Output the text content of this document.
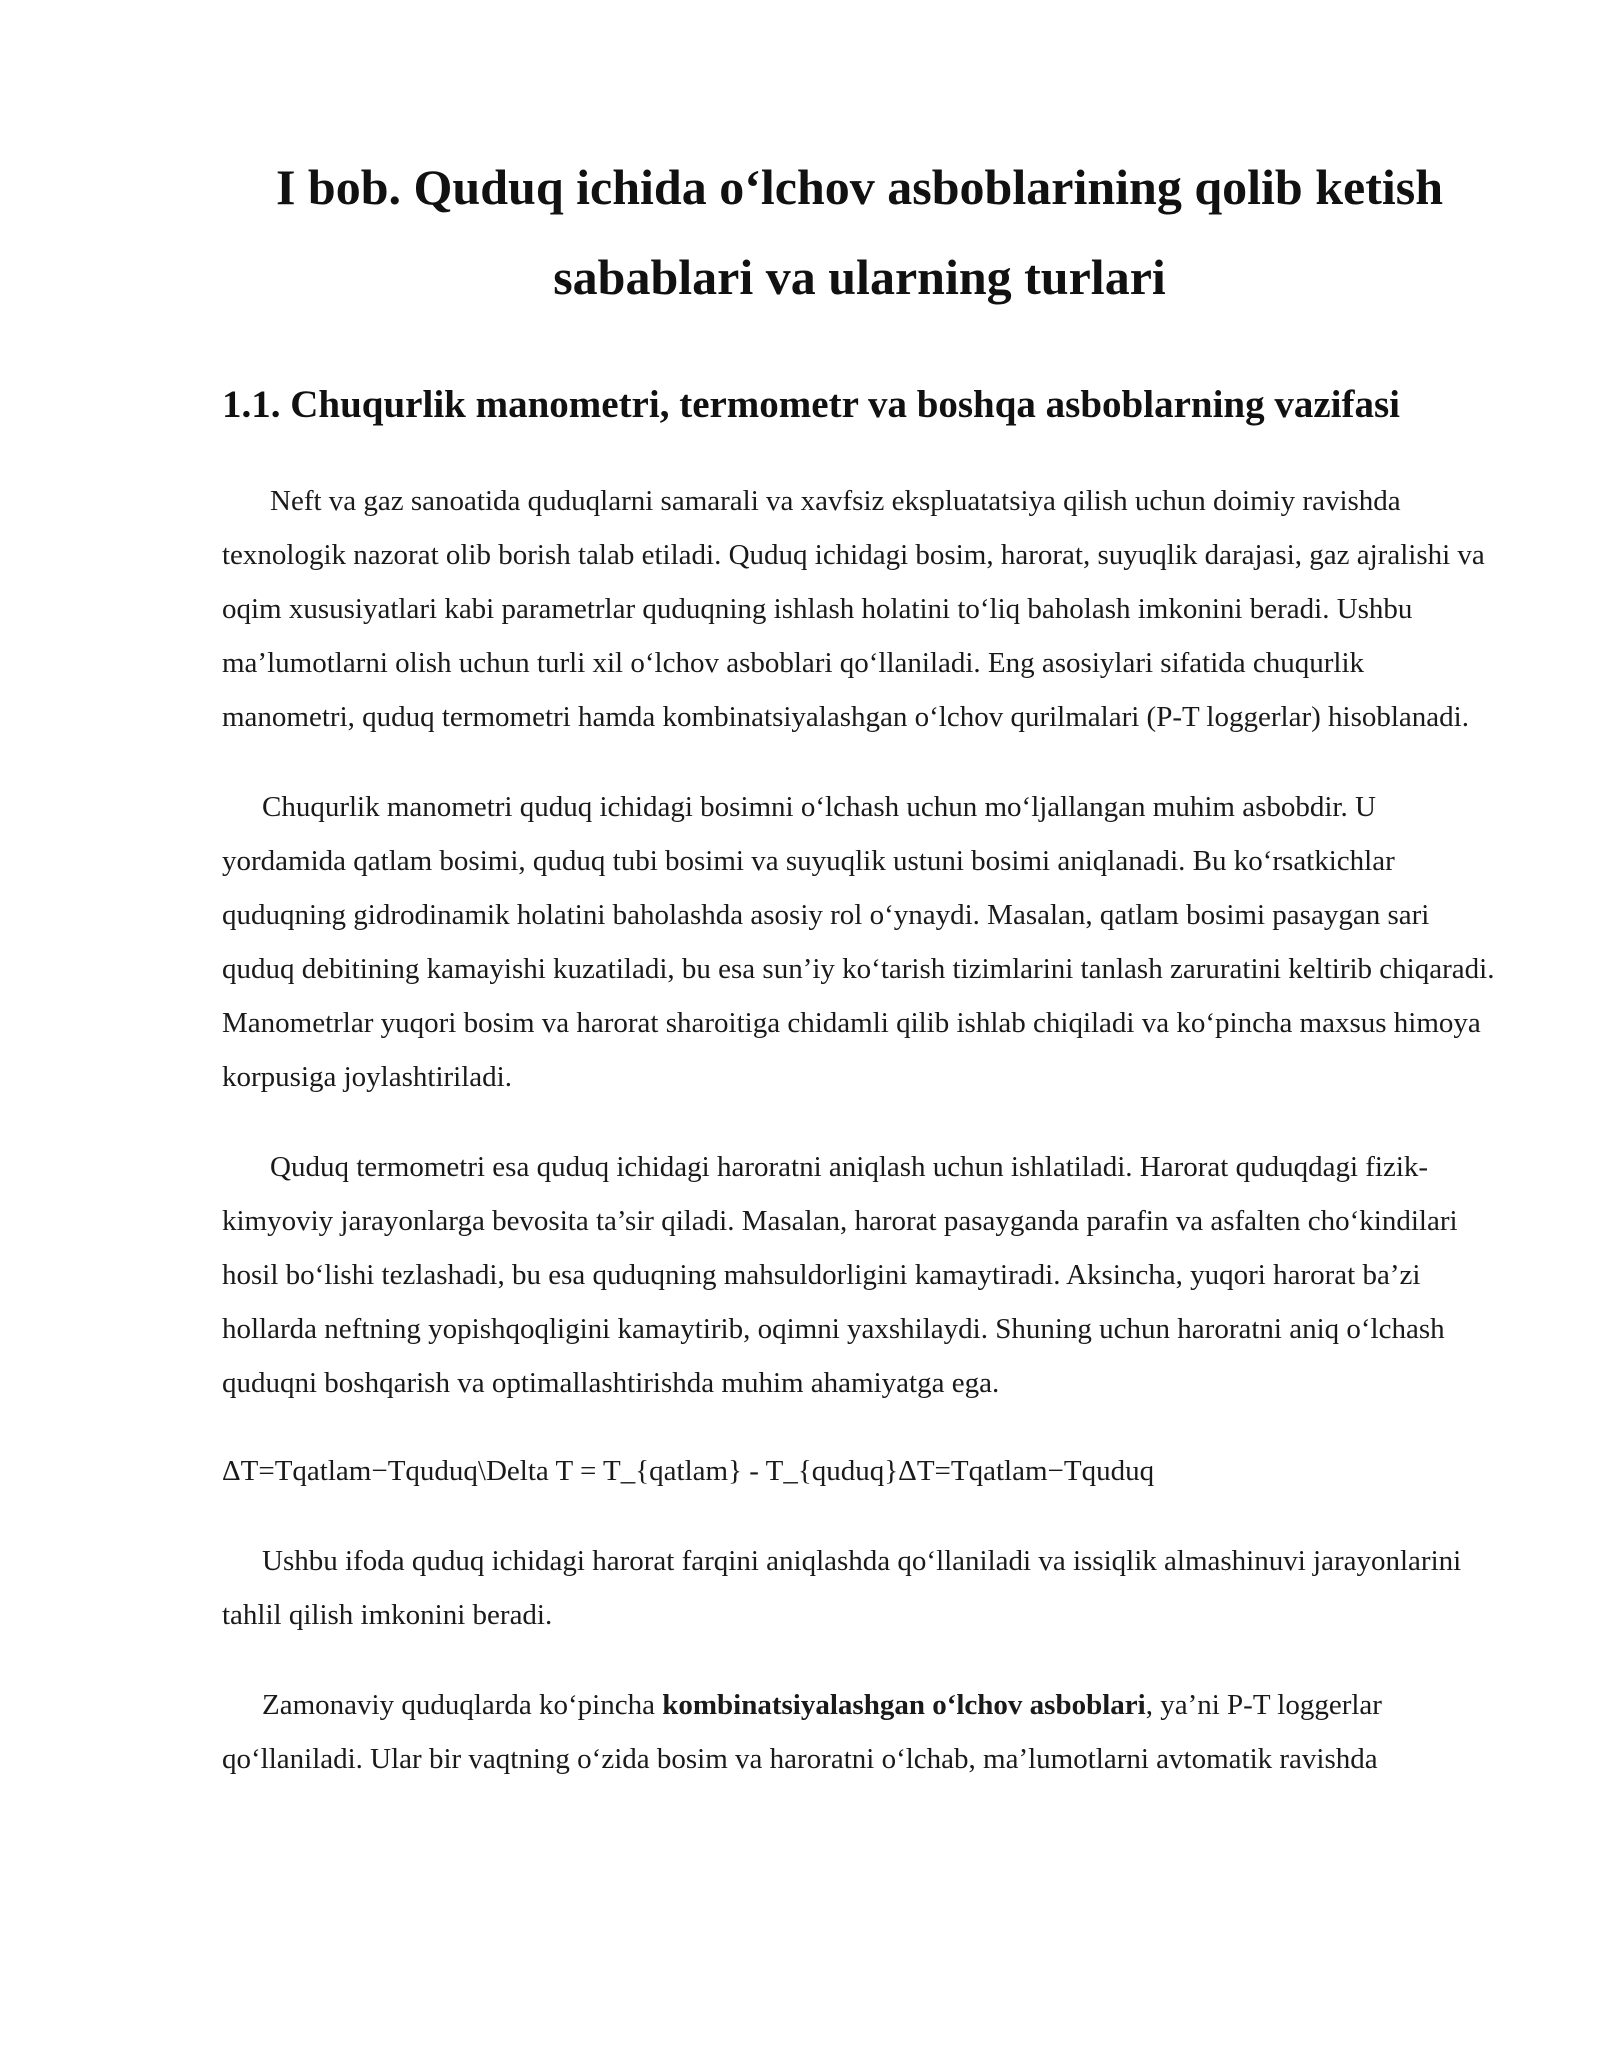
I bob. Quduq ichida o‘lchov asboblarining qolib ketish sabablari va ularning turlari
1.1. Chuqurlik manometri, termometr va boshqa asboblarning vazifasi

Neft va gaz sanoatida quduqlarni samarali va xavfsiz ekspluatatsiya qilish uchun doimiy ravishda texnologik nazorat olib borish talab etiladi. Quduq ichidagi bosim, harorat, suyuqlik darajasi, gaz ajralishi va oqim xususiyatlari kabi parametrlar quduqning ishlash holatini to‘liq baholash imkonini beradi. Ushbu ma’lumotlarni olish uchun turli xil o‘lchov asboblari qo‘llaniladi. Eng asosiylari sifatida chuqurlik manometri, quduq termometri hamda kombinatsiyalashgan o‘lchov qurilmalari (P-T loggerlar) hisoblanadi.

Chuqurlik manometri quduq ichidagi bosimni o‘lchash uchun mo‘ljallangan muhim asbobdir. U yordamida qatlam bosimi, quduq tubi bosimi va suyuqlik ustuni bosimi aniqlanadi. Bu ko‘rsatkichlar quduqning gidrodinamik holatini baholashda asosiy rol o‘ynaydi. Masalan, qatlam bosimi pasaygan sari quduq debitining kamayishi kuzatiladi, bu esa sun’iy ko‘tarish tizimlarini tanlash zaruratini keltirib chiqaradi. Manometrlar yuqori bosim va harorat sharoitiga chidamli qilib ishlab chiqiladi va ko‘pincha maxsus himoya korpusiga joylashtiriladi.

Quduq termometri esa quduq ichidagi haroratni aniqlash uchun ishlatiladi. Harorat quduqdagi fizik-kimyoviy jarayonlarga bevosita ta’sir qiladi. Masalan, harorat pasayganda parafin va asfalten cho‘kindilari hosil bo‘lishi tezlashadi, bu esa quduqning mahsuldorligini kamaytiradi. Aksincha, yuqori harorat ba’zi hollarda neftning yopishqoqligini kamaytirib, oqimni yaxshilaydi. Shuning uchun haroratni aniq o‘lchash quduqni boshqarish va optimallashtirishda muhim ahamiyatga ega.

ΔT=Tqatlam−Tquduq\Delta T = T_{qatlam} - T_{quduq}ΔT=Tqatlam−Tquduq

Ushbu ifoda quduq ichidagi harorat farqini aniqlashda qo‘llaniladi va issiqlik almashinuvi jarayonlarini tahlil qilish imkonini beradi.

Zamonaviy quduqlarda ko‘pincha kombinatsiyalashgan o‘lchov asboblari, ya’ni P-T loggerlar qo‘llaniladi. Ular bir vaqtning o‘zida bosim va haroratni o‘lchab, ma’lumotlarni avtomatik ravishda
